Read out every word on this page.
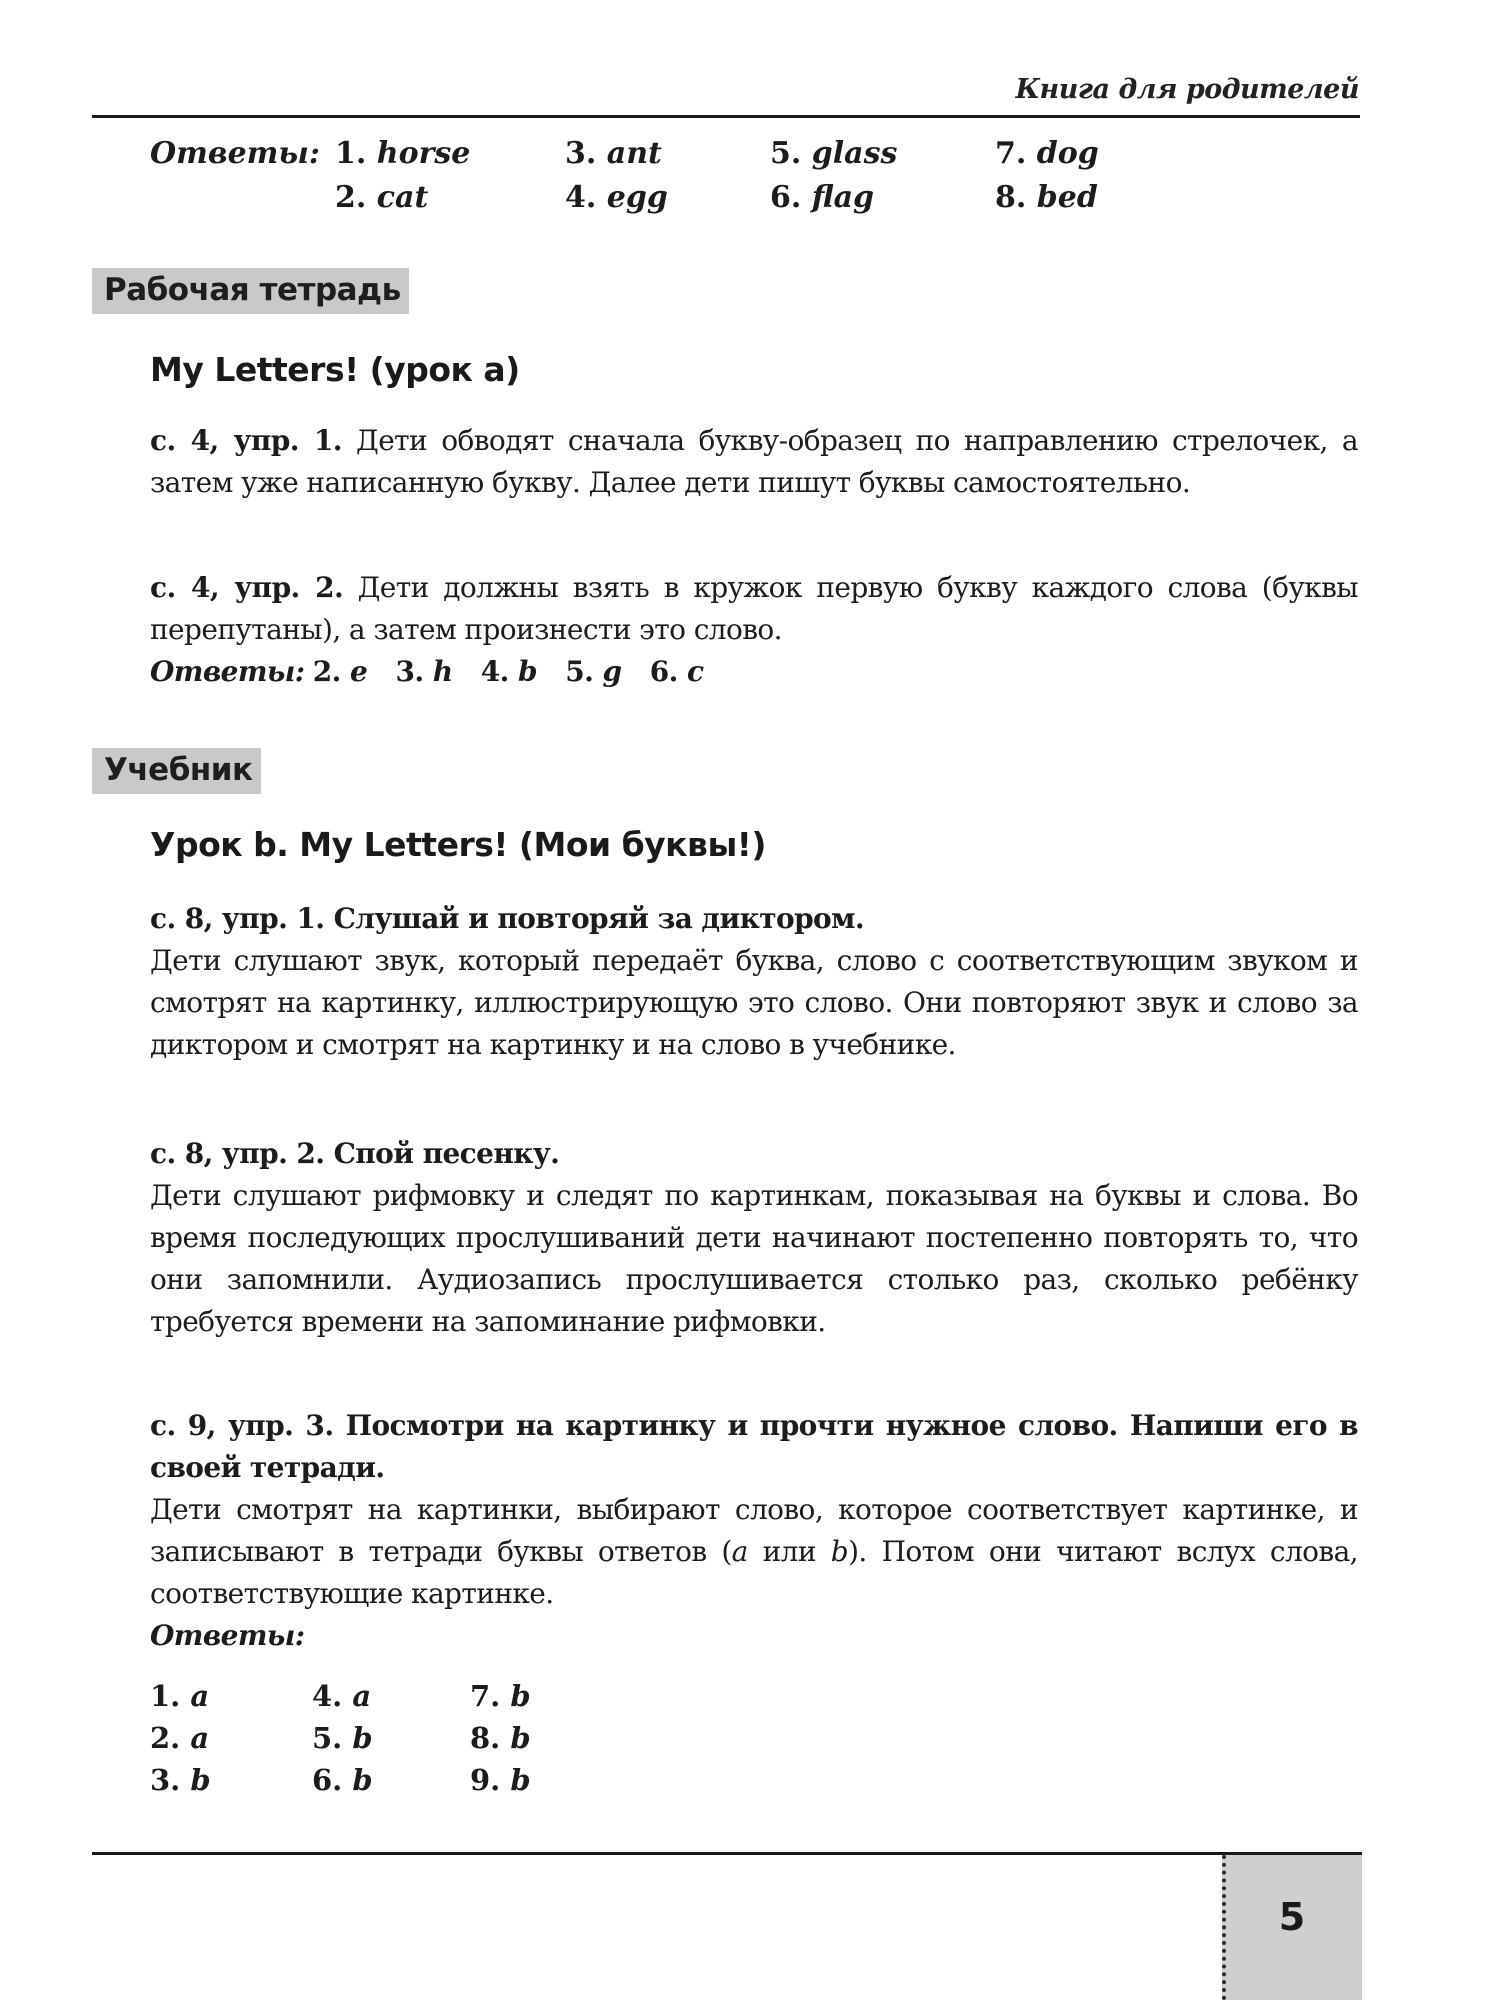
Книга для родителей
Ответы: 1. horse
2. cat
3. ant
4. egg
5. glass
6. flag
7. dog
8. bed
Рабочая тетрадь
My Letters! (урок a)
с. 4, упр. 1. Дети обводят сначала букву-образец по направлению стрелочек, а затем уже написанную букву. Далее дети пишут буквы самостоятельно.
с. 4, упр. 2. Дети должны взять в кружок первую букву каждого слова (буквы перепутаны), а затем произнести это слово.
Ответы: 2. e 3. h 4. b 5. g 6. c
Учебник
Урок b. My Letters! (Мои буквы!)
с. 8, упр. 1. Слушай и повторяй за диктором.
Дети слушают звук, который передаёт буква, слово с соответствующим звуком и смотрят на картинку, иллюстрирующую это слово. Они повторяют звук и слово за диктором и смотрят на картинку и на слово в учебнике.
с. 8, упр. 2. Спой песенку.
Дети слушают рифмовку и следят по картинкам, показывая на буквы и слова. Во время последующих прослушиваний дети начинают постепенно повторять то, что они запомнили. Аудиозапись прослушивается столько раз, сколько ребёнку требуется времени на запоминание рифмовки.
с. 9, упр. 3. Посмотри на картинку и прочти нужное слово. Напиши его в своей тетради.
Дети смотрят на картинки, выбирают слово, которое соответствует картинке, и записывают в тетради буквы ответов (a или b). Потом они читают вслух слова, соответствующие картинке.
Ответы:
1. a
2. a
3. b
4. a
5. b
6. b
7. b
8. b
9. b
5
